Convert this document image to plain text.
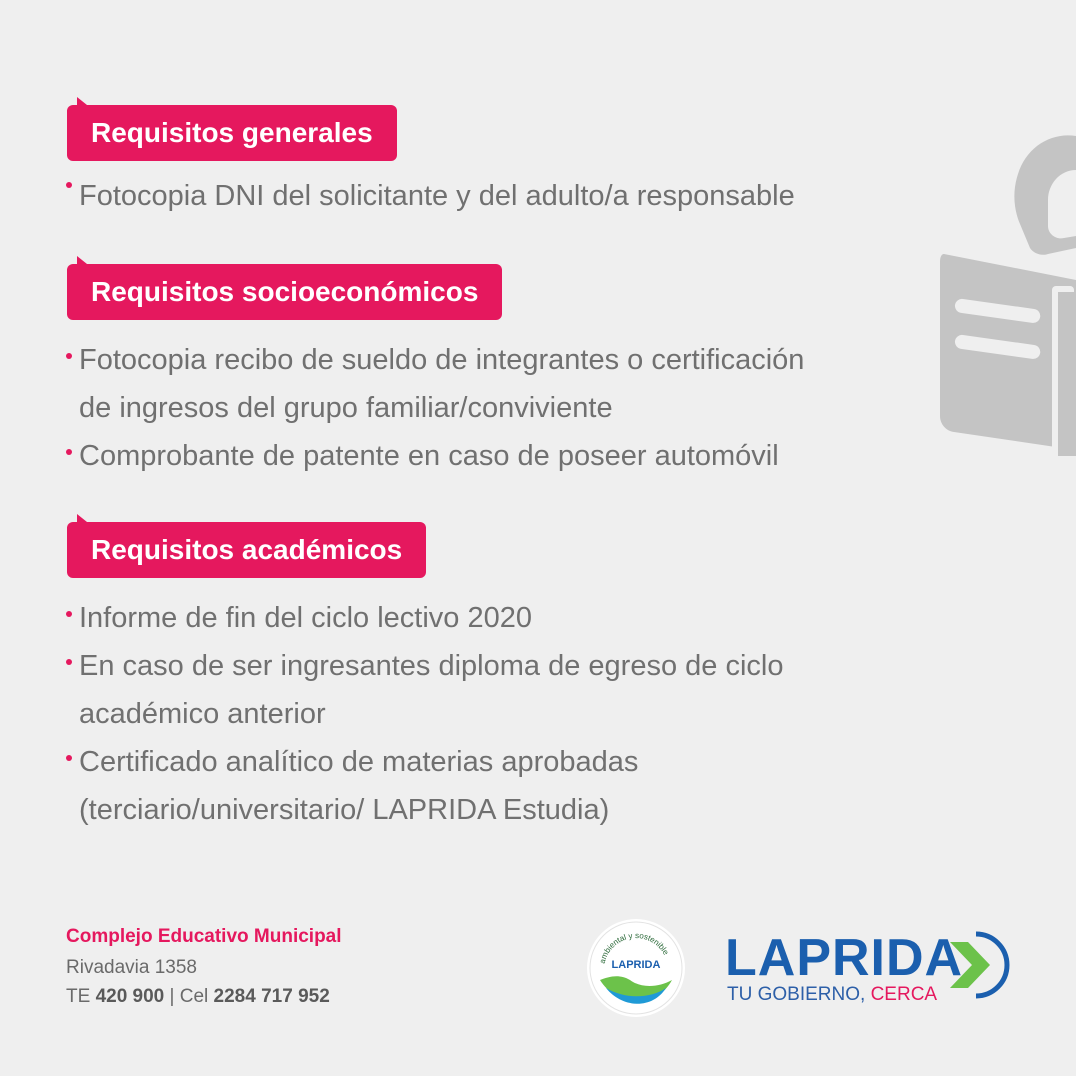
Requisitos generales
Fotocopia DNI del solicitante y del adulto/a responsable
Requisitos socioeconómicos
Fotocopia recibo de sueldo de integrantes o certificación
de ingresos del grupo familiar/conviviente
Comprobante de patente en caso de poseer automóvil
Requisitos académicos
Informe de fin del ciclo lectivo 2020
En caso de ser ingresantes diploma de egreso de ciclo
académico anterior
Certificado analítico de materias aprobadas
(terciario/universitario/ LAPRIDA Estudia)
Complejo Educativo Municipal
Rivadavia 1358
TE 420 900 | Cel 2284 717 952
ambiental y sostenible
LAPRIDA LAPRIDA
TU GOBIERNO, CERCA
